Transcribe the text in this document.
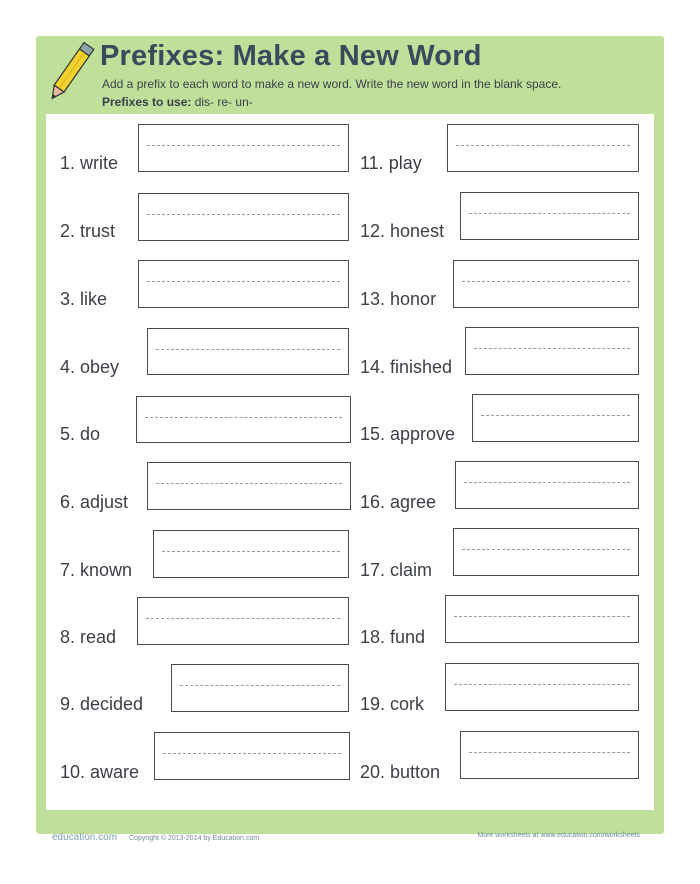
Prefixes: Make a New Word
Add a prefix to each word to make a new word. Write the new word in the blank space.
Prefixes to use: dis- re- un-
1. write
2. trust
3. like
4. obey
5. do
6. adjust
7. known
8. read
9. decided
10. aware
11. play
12. honest
13. honor
14. finished
15. approve
16. agree
17. claim
18. fund
19. cork
20. button
education.com Copyright © 2013-2014 by Education.com	More worksheets at www.education.com/worksheets
